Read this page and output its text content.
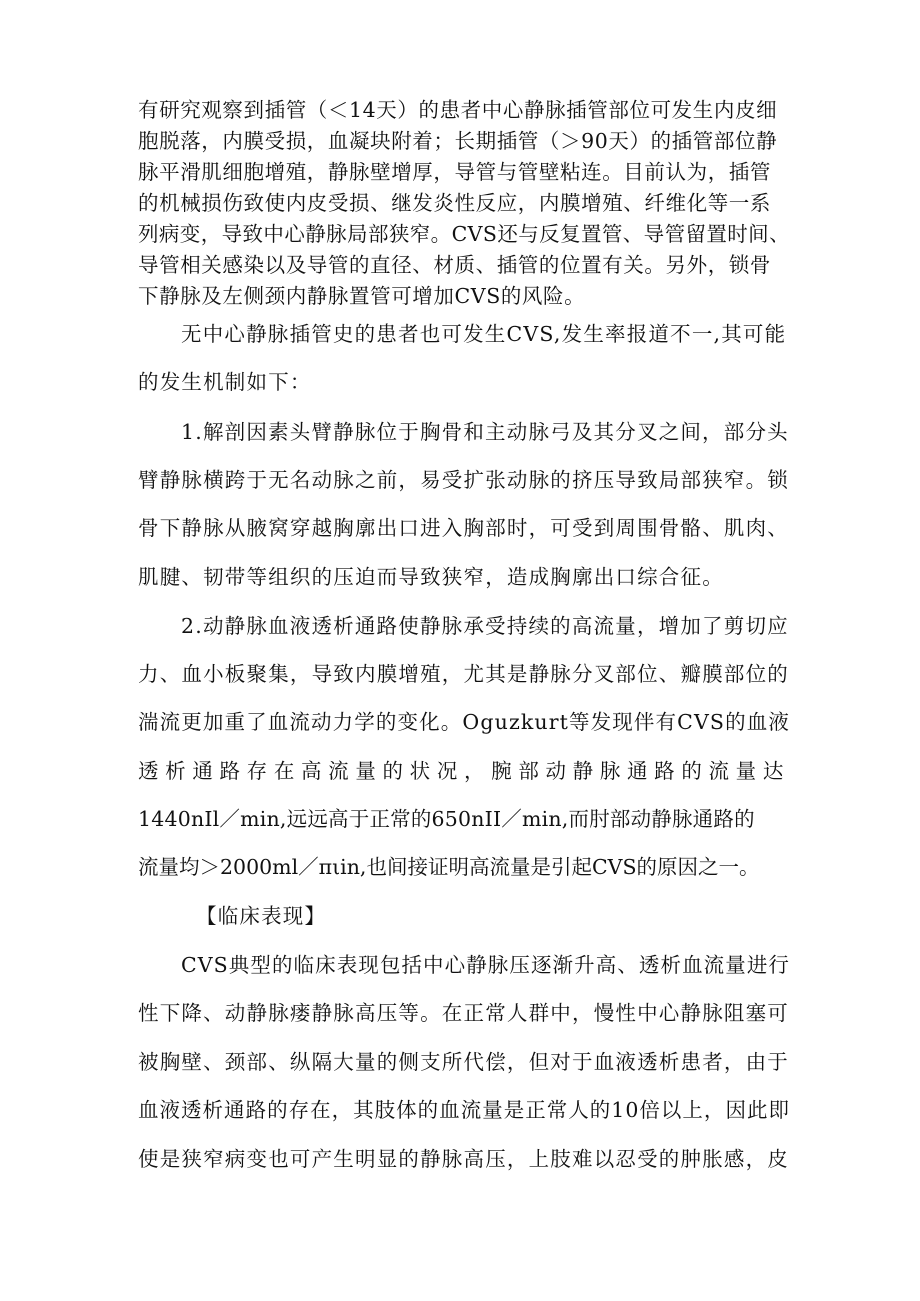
有研究观察到插管（＜14天）的患者中心静脉插管部位可发生内皮细
胞脱落，内膜受损，血凝块附着；长期插管（＞90天）的插管部位静
脉平滑肌细胞增殖，静脉壁增厚，导管与管壁粘连。目前认为，插管
的机械损伤致使内皮受损、继发炎性反应，内膜增殖、纤维化等一系
列病变，导致中心静脉局部狭窄。CVS还与反复置管、导管留置时间、
导管相关感染以及导管的直径、材质、插管的位置有关。另外，锁骨
下静脉及左侧颈内静脉置管可增加CVS的风险。
无中心静脉插管史的患者也可发生CVS,发生率报道不一,其可能
的发生机制如下：
1.解剖因素头臂静脉位于胸骨和主动脉弓及其分叉之间，部分头
臂静脉横跨于无名动脉之前，易受扩张动脉的挤压导致局部狭窄。锁
骨下静脉从腋窝穿越胸廓出口进入胸部时，可受到周围骨骼、肌肉、
肌腱、韧带等组织的压迫而导致狭窄，造成胸廓出口综合征。
2.动静脉血液透析通路使静脉承受持续的高流量，增加了剪切应
力、血小板聚集，导致内膜增殖，尤其是静脉分叉部位、瓣膜部位的
湍流更加重了血流动力学的变化。Oguzkurt等发现伴有CVS的血液
透析通路存在高流量的状况，腕部动静脉通路的流量达
1440nIl／min,远远高于正常的650nII／min,而肘部动静脉通路的
流量均＞2000ml／πιin,也间接证明高流量是引起CVS的原因之一。
【临床表现】
CVS典型的临床表现包括中心静脉压逐渐升高、透析血流量进行
性下降、动静脉瘘静脉高压等。在正常人群中，慢性中心静脉阻塞可
被胸壁、颈部、纵隔大量的侧支所代偿，但对于血液透析患者，由于
血液透析通路的存在，其肢体的血流量是正常人的10倍以上，因此即
使是狭窄病变也可产生明显的静脉高压，上肢难以忍受的肿胀感，皮
